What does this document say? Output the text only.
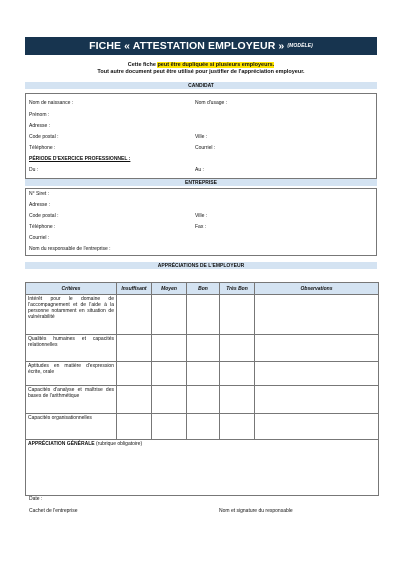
FICHE « ATTESTATION EMPLOYEUR » (MODÈLE)
Cette fiche peut être dupliquée si plusieurs employeurs.
Tout autre document peut être utilisé pour justifier de l'appréciation employeur.
CANDIDAT
Nom de naissance :	Nom d'usage :
Prénom :
Adresse :
Code postal :	Ville :
Téléphone :	Courriel :
PÉRIODE D'EXERCICE PROFESSIONNEL :
Du :	Au :
ENTREPRISE
N° Siret :
Adresse :
Code postal :	Ville :
Téléphone :	Fax :
Courriel :
Nom du responsable de l'entreprise :
APPRÉCIATIONS DE L'EMPLOYEUR
Critères	Insuffisant	Moyen	Bon	Très Bon	Observations
Intérêt pour le domaine de l'accompagnement et de l'aide à la personne notamment en situation de vulnérabilité					
Qualités humaines et capacités relationnelles					
Aptitudes en matière d'expression écrite, orale					
Capacités d'analyse et maîtrise des bases de l'arithmétique					
Capacités organisationnelles					
APPRÉCIATION GÉNÉRALE (rubrique obligatoire)					
Date :
Cachet de l'entreprise	Nom et signature du responsable
